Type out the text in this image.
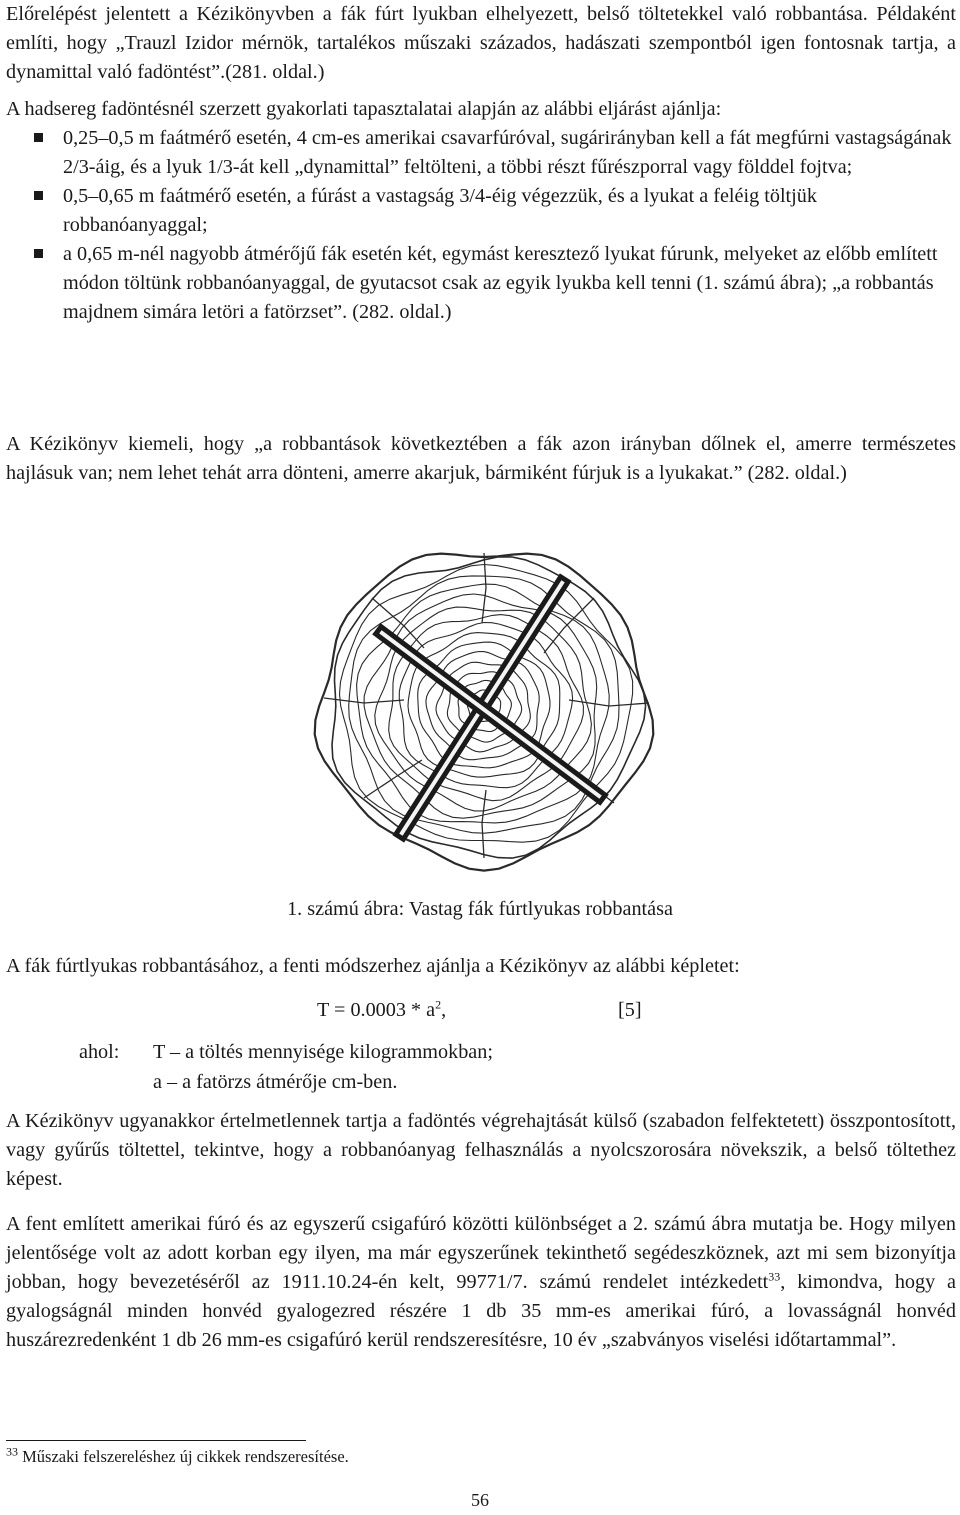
Előrelépést jelentett a Kézikönyvben a fák fúrt lyukban elhelyezett, belső töltetekkel való robbantása. Példaként említi, hogy „Trauzl Izidor mérnök, tartalékos műszaki százados, hadászati szempontból igen fontosnak tartja, a dynamittal való fadöntést”.(281. oldal.)

A hadsereg fadöntésnél szerzett gyakorlati tapasztalatai alapján az alábbi eljárást ajánlja:

0,25–0,5 m faátmérő esetén, 4 cm-es amerikai csavarfúróval, sugárirányban kell a fát megfúrni vastagságának 2/3-áig, és a lyuk 1/3-át kell „dynamittal” feltölteni, a többi részt fűrészporral vagy földdel fojtva;
0,5–0,65 m faátmérő esetén, a fúrást a vastagság 3/4-éig végezzük, és a lyukat a feléig töltjük robbanóanyaggal;
a 0,65 m-nél nagyobb átmérőjű fák esetén két, egymást keresztező lyukat fúrunk, melyeket az előbb említett módon töltünk robbanóanyaggal, de gyutacsot csak az egyik lyukba kell tenni (1. számú ábra); „a robbantás majdnem simára letöri a fatörzset”. (282. oldal.)

A Kézikönyv kiemeli, hogy „a robbantások következtében a fák azon irányban dőlnek el, amerre természetes hajlásuk van; nem lehet tehát arra dönteni, amerre akarjuk, bármiként fúrjuk is a lyukakat.” (282. oldal.)

1. számú ábra: Vastag fák fúrtlyukas robbantása

A fák fúrtlyukas robbantásához, a fenti módszerhez ajánlja a Kézikönyv az alábbi képletet:

$T = 0.0003 * a^2$,	[5]
ahol: T – a töltés mennyisége kilogrammokban;
a – a fatörzs átmérője cm-ben.

A Kézikönyv ugyanakkor értelmetlennek tartja a fadöntés végrehajtását külső (szabadon felfektetett) összpontosított, vagy gyűrűs töltettel, tekintve, hogy a robbanóanyag felhasználás a nyolcszorosára növekszik, a belső töltethez képest.

A fent említett amerikai fúró és az egyszerű csigafúró közötti különbséget a 2. számú ábra mutatja be. Hogy milyen jelentősége volt az adott korban egy ilyen, ma már egyszerűnek tekinthető segédeszköznek, azt mi sem bizonyítja jobban, hogy bevezetéséről az 1911.10.24-én kelt, 99771/7. számú rendelet intézkedett$^{33}$, kimondva, hogy a gyalogságnál minden honvéd gyalogezred részére 1 db 35 mm-es amerikai fúró, a lovasságnál honvéd huszárezredenként 1 db 26 mm-es csigafúró kerül rendszeresítésre, 10 év „szabványos viselési időtartammal”.

$^{33}$ Műszaki felszereléshez új cikkek rendszeresítése.
56
